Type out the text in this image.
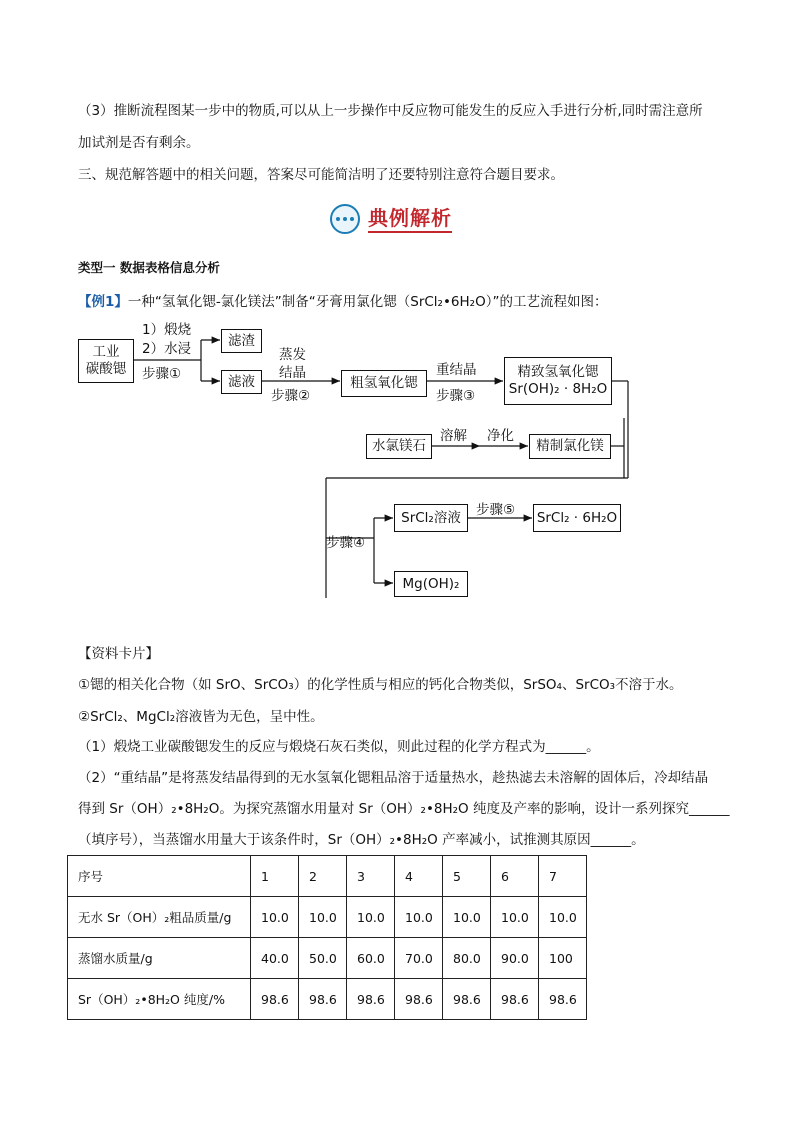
（3）推断流程图某一步中的物质,可以从上一步操作中反应物可能发生的反应入手进行分析,同时需注意所
加试剂是否有剩余。
三、规范解答题中的相关问题，答案尽可能简洁明了还要特别注意符合题目要求。
典例解析
类型一 数据表格信息分析
【例1】一种“氢氧化锶-氯化镁法”制备“牙膏用氯化锶（SrCl₂•6H₂O）”的工艺流程如图：
工业
碳酸锶
滤渣
滤液	粗氢氧化锶
精致氢氧化锶
Sr(OH)₂ · 8H₂O
水氯镁石	精制氯化镁
SrCl₂溶液	SrCl₂ · 6H₂O
Mg(OH)₂
1）煅烧
2）水浸
步骤①
蒸发
结晶
步骤②
重结晶
步骤③
溶解 净化
步骤④
步骤⑤
【资料卡片】
①锶的相关化合物（如 SrO、SrCO₃）的化学性质与相应的钙化合物类似，SrSO₄、SrCO₃不溶于水。
②SrCl₂、MgCl₂溶液皆为无色，呈中性。
（1）煅烧工业碳酸锶发生的反应与煅烧石灰石类似，则此过程的化学方程式为______。
（2）“重结晶”是将蒸发结晶得到的无水氢氧化锶粗品溶于适量热水，趁热滤去未溶解的固体后，冷却结晶
得到 Sr（OH）₂•8H₂O。为探究蒸馏水用量对 Sr（OH）₂•8H₂O 纯度及产率的影响，设计一系列探究______
（填序号），当蒸馏水用量大于该条件时，Sr（OH）₂•8H₂O 产率减小，试推测其原因______。
序号	1	2	3	4	5	6	7
无水 Sr（OH）₂粗品质量/g	10.0	10.0	10.0	10.0	10.0	10.0	10.0
蒸馏水质量/g	40.0	50.0	60.0	70.0	80.0	90.0	100
Sr（OH）₂•8H₂O 纯度/%	98.6	98.6	98.6	98.6	98.6	98.6	98.6
